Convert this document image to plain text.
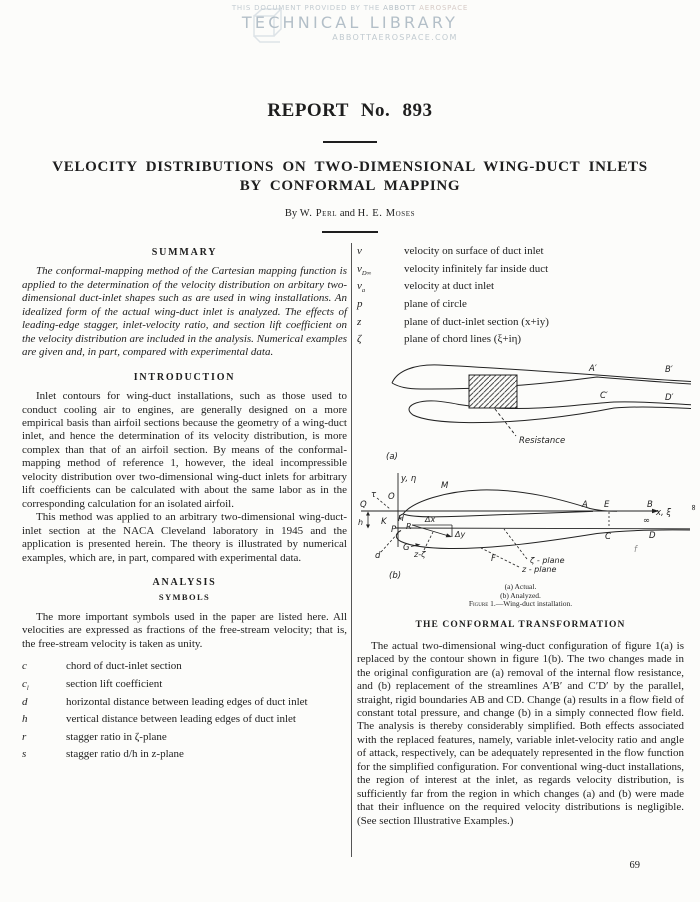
THIS DOCUMENT PROVIDED BY THE ABBOTT AEROSPACE
TECHNICAL LIBRARY
ABBOTTAEROSPACE.COM
REPORT No. 893
VELOCITY DISTRIBUTIONS ON TWO-DIMENSIONAL WING-DUCT INLETS
BY CONFORMAL MAPPING
By W. Perl and H. E. Moses
SUMMARY

The conformal-mapping method of the Cartesian mapping function is applied to the determination of the velocity distribution on arbitary two-dimensional duct-inlet shapes such as are used in wing installations. An idealized form of the actual wing-duct inlet is analyzed. The effects of leading-edge stagger, inlet-velocity ratio, and section lift coefficient on the velocity distribution are included in the analysis. Numerical examples are given and, in part, compared with experimental data.

INTRODUCTION

Inlet contours for wing-duct installations, such as those used to conduct cooling air to engines, are generally designed on a more empirical basis than airfoil sections because the geometry of a wing-duct inlet, and hence the determination of its velocity distribution, is more complex than that of an airfoil section. By means of the conformal-mapping method of reference 1, however, the ideal incompressible velocity distribution over two-dimensional wing-duct inlets for arbitrary lift coefficients can be calculated with about the same labor as in the corresponding calculation for an isolated airfoil.

This method was applied to an arbitrary two-dimensional wing-duct-inlet section at the NACA Cleveland laboratory in 1945 and the application is presented herein. The theory is illustrated by numerical examples, which are, in part, compared with experimental data.

ANALYSIS
SYMBOLS

The more important symbols used in the paper are listed here. All velocities are expressed as fractions of the free-stream velocity; that is, the free-stream velocity is taken as unity.

c	chord of duct-inlet section
$c_l$	section lift coefficient
d	horizontal distance between leading edges of duct inlet
h	vertical distance between leading edges of duct inlet
r	stagger ratio in ζ-plane
s	stagger ratio d/h in z-plane
v	velocity on surface of duct inlet
$v_{D\infty}$	velocity infinitely far inside duct
$v_a$	velocity at duct inlet
p	plane of circle
z	plane of duct-inlet section (x+iy)
ζ	plane of chord lines (ξ+iη)
A′	B′
C′	D′
Resistance
(a)
y, η
M
τ O
Q
h K H
P R
Δx
Δy
d
G
z-ζ	F	ζ - plane
z - plane
A E	B
x, ξ
∞
C	D
f
∞
(b)
(a) Actual.
(b) Analyzed.
Figure 1.—Wing-duct installation.
THE CONFORMAL TRANSFORMATION

The actual two-dimensional wing-duct configuration of figure 1(a) is replaced by the contour shown in figure 1(b). The two changes made in the original configuration are (a) removal of the internal flow resistance, and (b) replacement of the streamlines A′B′ and C′D′ by the parallel, straight, rigid boundaries AB and CD. Change (a) results in a flow field of constant total pressure, and change (b) in a simply connected flow field. The analysis is thereby considerably simplified. Both effects associated with the replaced features, namely, variable inlet-velocity ratio and angle of attack, respectively, can be adequately represented in the flow function for the simplified configuration. For conventional wing-duct installations, the region of interest at the inlet, as regards velocity distribution, is sufficiently far from the region in which changes (a) and (b) were made that their influence on the required velocity distributions is negligible. (See section Illustrative Examples.)

69
